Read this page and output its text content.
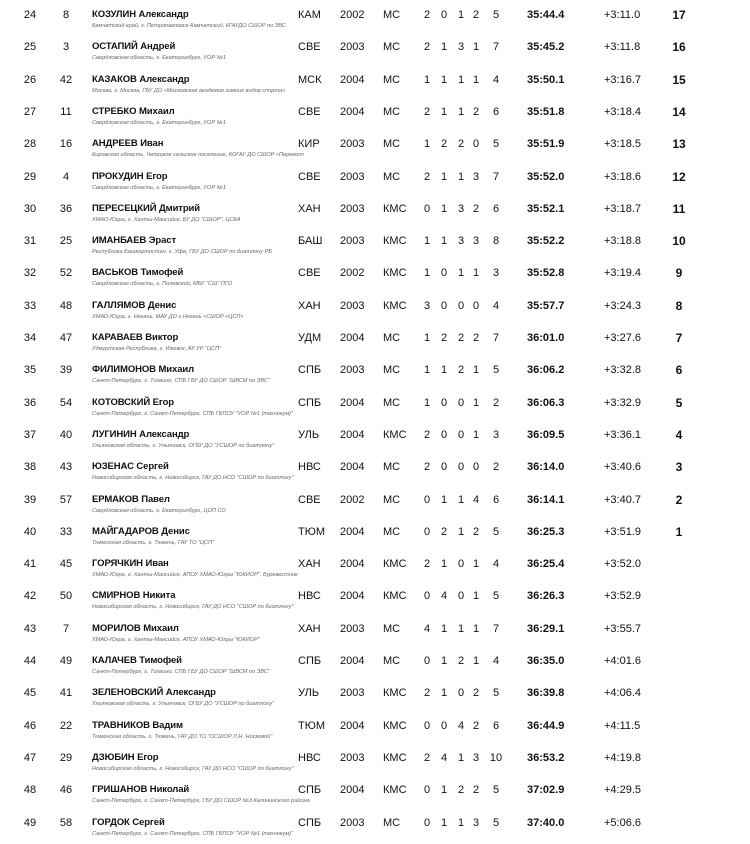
24	8	КОЗУЛИН Александр	КАМ 2002 МС 2 0 1 2	5	35:44.4	+3:11.0	17
Камчатский край, г. Петропавловск-Камчатский, КГАУДО СШОР по ЗВС
25	3	ОСТАПИЙ Андрей	СВЕ 2003 МС 2 1 3 1	7	35:45.2	+3:11.8	16
Свердловская область, г. Екатеринбург, УОР №1
26	42	КАЗАКОВ Александр	МСК 2004 МС 1 1 1 1	4	35:50.1	+3:16.7	15
Москва, г. Москва, ГБУ ДО «Московская академия зимних видов спорта»
27	11	СТРЕБКО Михаил	СВЕ 2004 МС 2 1 1 2	6	35:51.8	+3:18.4	14
Свердловская область, г. Екатеринбург, УОР №1
28	16	АНДРЕЕВ Иван	КИР 2003 МС 1 2 2 0	5	35:51.9	+3:18.5	13
Кировская область, Чепецкое сельское поселение, КОГАУ ДО СШОР «Перекоп»
29	4	ПРОКУДИН Егор	СВЕ 2003 МС 2 1 1 3	7	35:52.0	+3:18.6	12
Свердловская область, г. Екатеринбург, УОР №1
30	36	ПЕРЕСЕЦКИЙ Дмитрий	ХАН 2003 КМС 0 1 3 2	6	35:52.1	+3:18.7	11
ХМАО-Югра, г. Ханты-Мансийск, БУ ДО "СШОР", ЦСКА
31	25	ИМАНБАЕВ Эраст	БАШ 2003 КМС 1 1 3 3	8	35:52.2	+3:18.8	10
Республика Башкортостан, г. Уфа, ГБУ ДО СШОР по биатлону РБ
32	52	ВАСЬКОВ Тимофей	СВЕ 2002 КМС 1 0 1 1	3	35:52.8	+3:19.4	9
Свердловская область, г. Полевской, МБУ "СШ" ПГО
33	48	ГАЛЛЯМОВ Денис	ХАН 2003 КМС 3 0 0 0	4	35:57.7	+3:24.3	8
ХМАО-Югра, г. Нягань, МАУ ДО г.Нягань «СШОР «ЦСП»
34	47	КАРАВАЕВ Виктор	УДМ 2004 МС 1 2 2 2	7	36:01.0	+3:27.6	7
Удмуртская Республика, г. Ижевск, АУ УР "ЦСП"
35	39	ФИЛИМОНОВ Михаил	СПБ 2003 МС 1 1 2 1	5	36:06.2	+3:32.8	6
Санкт-Петербург, г. Тихвино, СПБ ГБУ ДО СШОР "ШВСМ по ЗВС"
36	54	КОТОВСКИЙ Егор	СПБ 2004 МС 1 0 0 1	2	36:06.3	+3:32.9	5
Санкт-Петербург, г. Санкт-Петербург, СПБ ГБПОУ "УОР №1 (техникум)"
37	40	ЛУГИНИН Александр	УЛЬ 2004 КМС 2 0 0 1	3	36:09.5	+3:36.1	4
Ульяновская область, г. Ульяновск, ОГБУ ДО "УСШОР по биатлону"
38	43	ЮЗЕНАС Сергей	НВС 2004 МС 2 0 0 0	2	36:14.0	+3:40.6	3
Новосибирская область, г. Новосибирск, ГАУ ДО НСО "СШОР по биатлону"
39	57	ЕРМАКОВ Павел	СВЕ 2002 МС 0 1 1 4	6	36:14.1	+3:40.7	2
Свердловская область, г. Екатеринбург, ЦОП СО
40	33	МАЙГАДАРОВ Денис	ТЮМ 2004 МС 0 2 1 2	5	36:25.3	+3:51.9	1
Тюменская область, г. Тюмень, ГАУ ТО "ЦСП"
41	45	ГОРЯЧКИН Иван	ХАН 2004 КМС 2 1 0 1	4	36:25.4	+3:52.0
ХМАО-Югра, г. Ханты-Мансийск, АПОУ ХМАО-Югры "ЮКИОР", Буревестник
42	50	СМИРНОВ Никита	НВС 2004 КМС 0 4 0 1	5	36:26.3	+3:52.9
Новосибирская область, г. Новосибирск, ГАУ ДО НСО "СШОР по биатлону"
43	7	МОРИЛОВ Михаил	ХАН 2003 МС 4 1 1 1	7	36:29.1	+3:55.7
ХМАО-Югра, г. Ханты-Мансийск, АПОУ ХМАО-Югры "ЮКИОР"
44	49	КАЛАЧЕВ Тимофей	СПБ 2004 МС 0 1 2 1	4	36:35.0	+4:01.6
Санкт-Петербург, г. Тихвино, СПБ ГБУ ДО СШОР "ШВСМ по ЗВС"
45	41	ЗЕЛЕНОВСКИЙ Александр	УЛЬ 2003 КМС 2 1 0 2	5	36:39.8	+4:06.4
Ульяновская область, г. Ульяновск, ОГБУ ДО "УСШОР по биатлону"
46	22	ТРАВНИКОВ Вадим	ТЮМ 2004 КМС 0 0 4 2	6	36:44.9	+4:11.5
Тюменская область, г. Тюмень, ГАУ ДО ТО "ОСШОР Л.Н. Носковой"
47	29	ДЗЮБИН Егор	НВС 2003 КМС 2 4 1 3 10	36:53.2	+4:19.8
Новосибирская область, г. Новосибирск, ГАУ ДО НСО "СШОР по биатлону"
48	46	ГРИШАНОВ Николай	СПБ 2004 КМС 0 1 2 2	5	37:02.9	+4:29.5
Санкт-Петербург, г. Санкт-Петербург, ГБУ ДО СШОР №3 Калининского района
49	58	ГОРДОК Сергей	СПБ 2003 МС 0 1 1 3	5	37:40.0	+5:06.6
Санкт-Петербург, г. Санкт-Петербург, СПБ ГБПОУ "УОР №1 (техникум)"
